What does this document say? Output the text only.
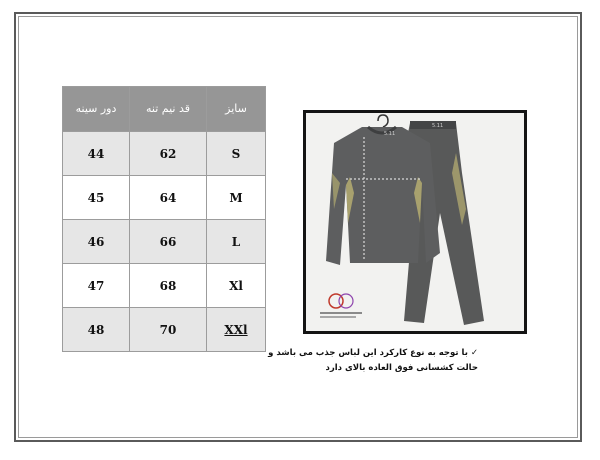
دور سینه	قد نیم تنه	سایز
44	62	S
45	64	M
46	66	L
47	68	Xl
48	70	XXl
✓ با توجه به نوع کارکرد این لباس جذب می باشد و
حالت کشسانی فوق العاده بالای دارد
5.11
5.11
